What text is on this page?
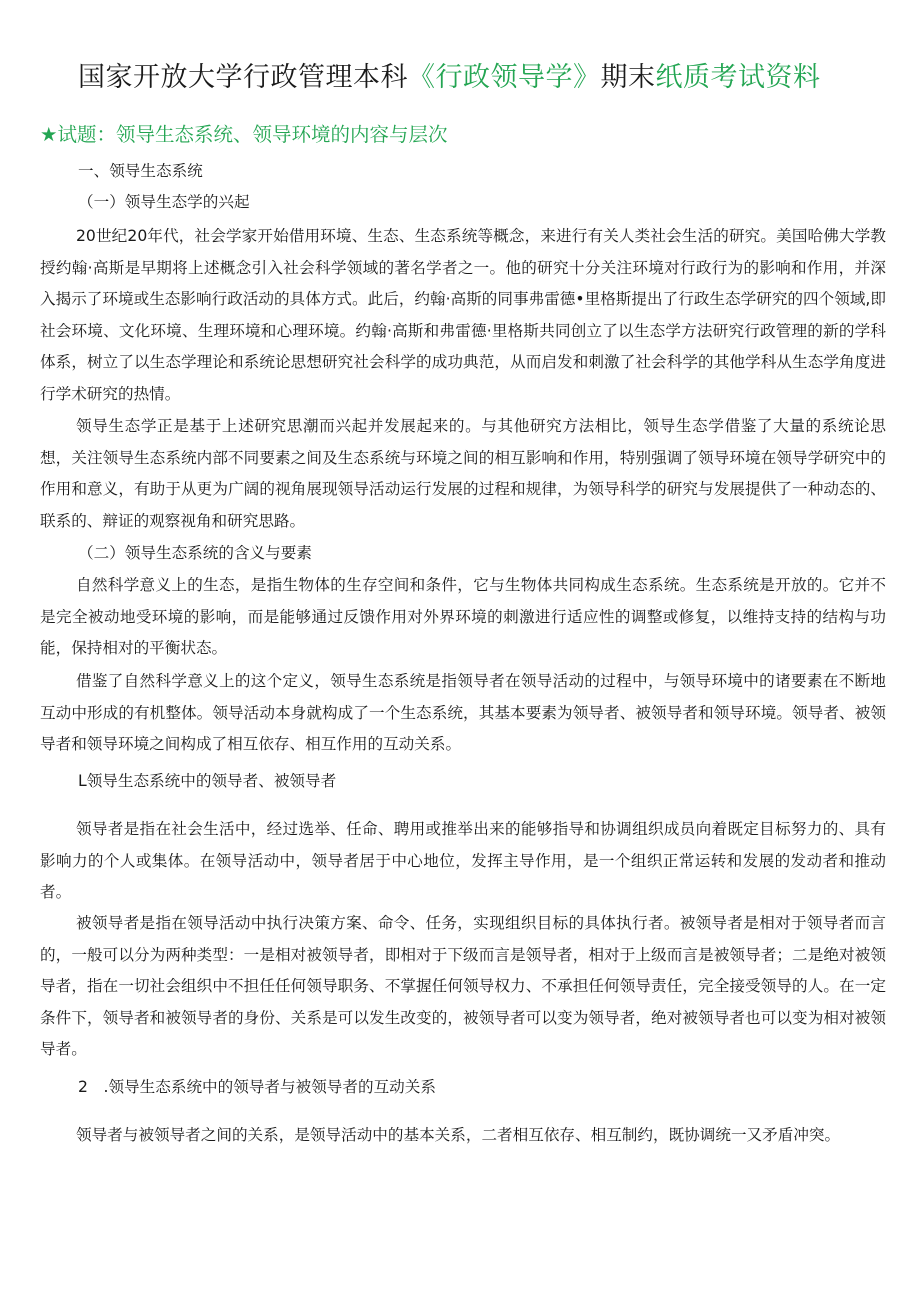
国家开放大学行政管理本科《行政领导学》期末纸质考试资料
★试题：领导生态系统、领导环境的内容与层次
一、领导生态系统
（一）领导生态学的兴起
20世纪20年代，社会学家开始借用环境、生态、生态系统等概念，来进行有关人类社会生活的研究。美国哈佛大学教授约翰·高斯是早期将上述概念引入社会科学领域的著名学者之一。他的研究十分关注环境对行政行为的影响和作用，并深入揭示了环境或生态影响行政活动的具体方式。此后，约翰·高斯的同事弗雷德•里格斯提出了行政生态学研究的四个领域,即社会环境、文化环境、生理环境和心理环境。约翰·高斯和弗雷德·里格斯共同创立了以生态学方法研究行政管理的新的学科体系，树立了以生态学理论和系统论思想研究社会科学的成功典范，从而启发和刺激了社会科学的其他学科从生态学角度进行学术研究的热情。
领导生态学正是基于上述研究思潮而兴起并发展起来的。与其他研究方法相比，领导生态学借鉴了大量的系统论思想，关注领导生态系统内部不同要素之间及生态系统与环境之间的相互影响和作用，特别强调了领导环境在领导学研究中的作用和意义，有助于从更为广阔的视角展现领导活动运行发展的过程和规律，为领导科学的研究与发展提供了一种动态的、联系的、辩证的观察视角和研究思路。
（二）领导生态系统的含义与要素
自然科学意义上的生态，是指生物体的生存空间和条件，它与生物体共同构成生态系统。生态系统是开放的。它并不是完全被动地受环境的影响，而是能够通过反馈作用对外界环境的刺激进行适应性的调整或修复，以维持支持的结构与功能，保持相对的平衡状态。
借鉴了自然科学意义上的这个定义，领导生态系统是指领导者在领导活动的过程中，与领导环境中的诸要素在不断地互动中形成的有机整体。领导活动本身就构成了一个生态系统，其基本要素为领导者、被领导者和领导环境。领导者、被领导者和领导环境之间构成了相互依存、相互作用的互动关系。
L领导生态系统中的领导者、被领导者
领导者是指在社会生活中，经过选举、任命、聘用或推举出来的能够指导和协调组织成员向着既定目标努力的、具有影响力的个人或集体。在领导活动中，领导者居于中心地位，发挥主导作用，是一个组织正常运转和发展的发动者和推动者。
被领导者是指在领导活动中执行决策方案、命令、任务，实现组织目标的具体执行者。被领导者是相对于领导者而言的，一般可以分为两种类型：一是相对被领导者，即相对于下级而言是领导者，相对于上级而言是被领导者；二是绝对被领导者，指在一切社会组织中不担任任何领导职务、不掌握任何领导权力、不承担任何领导责任，完全接受领导的人。在一定条件下，领导者和被领导者的身份、关系是可以发生改变的，被领导者可以变为领导者，绝对被领导者也可以变为相对被领导者。
2　.领导生态系统中的领导者与被领导者的互动关系
领导者与被领导者之间的关系，是领导活动中的基本关系，二者相互依存、相互制约，既协调统一又矛盾冲突。
